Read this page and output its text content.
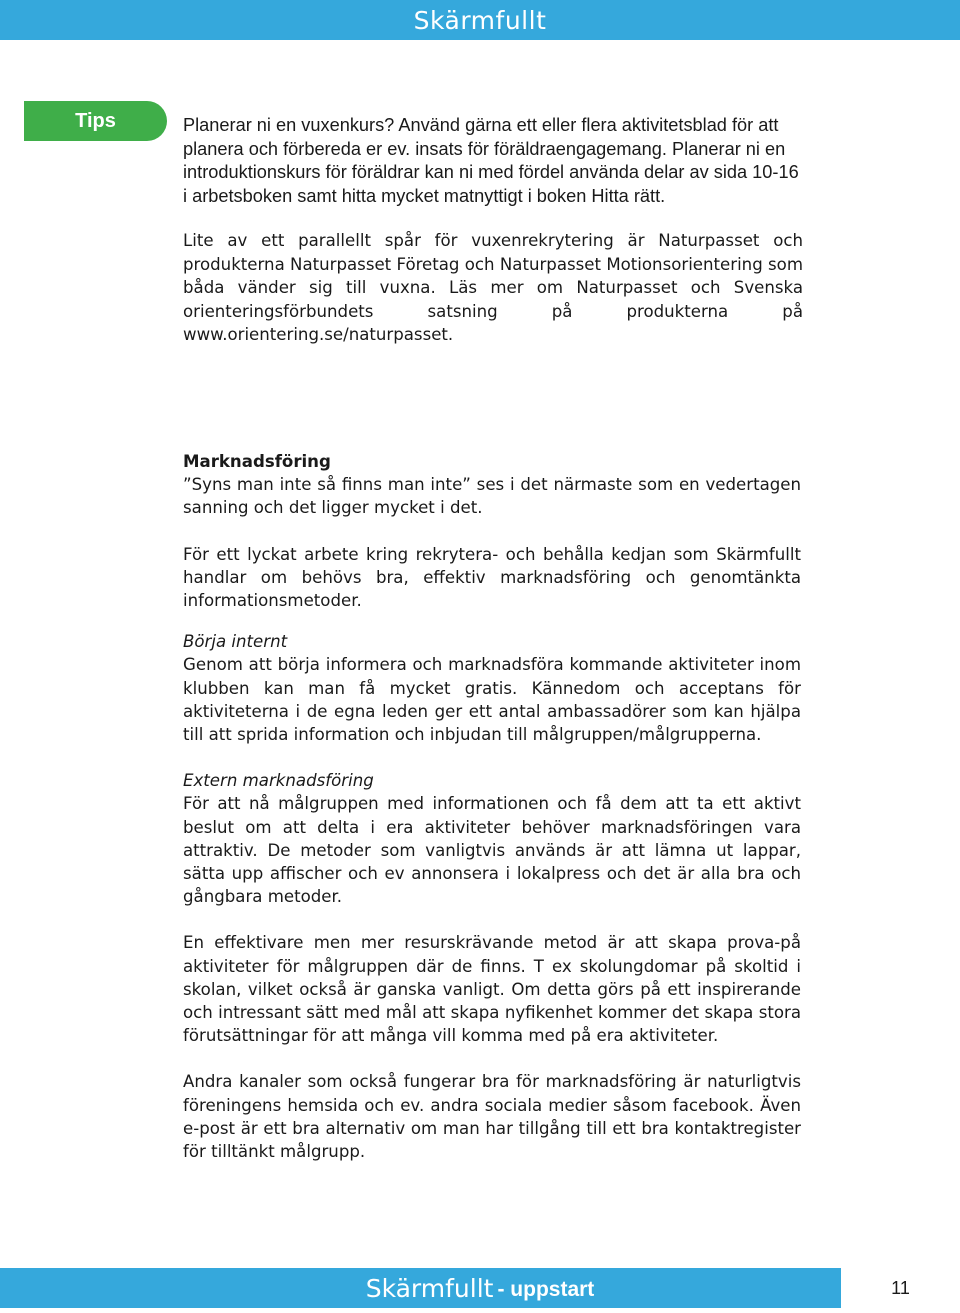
Skärmfullt
Tips	Planerar ni en vuxenkurs? Använd gärna ett eller flera aktivitetsblad för att planera och förbereda er ev. insats för föräldraengagemang. Planerar ni en introduktionskurs för föräldrar kan ni med fördel använda delar av sida 10-16 i arbetsboken samt hitta mycket matnyttigt i boken Hitta rätt.

Lite av ett parallellt spår för vuxenrekrytering är Naturpasset och produkterna Naturpasset Företag och Naturpasset Motionsorientering som båda vänder sig till vuxna. Läs mer om Naturpasset och Svenska orienteringsförbundets satsning på produkterna på www.orientering.se/naturpasset.

Marknadsföring

”Syns man inte så finns man inte” ses i det närmaste som en vedertagen sanning och det ligger mycket i det.

För ett lyckat arbete kring rekrytera- och behålla kedjan som Skärmfullt handlar om behövs bra, effektiv marknadsföring och genomtänkta informationsmetoder.

Börja internt

Genom att börja informera och marknadsföra kommande aktiviteter inom klubben kan man få mycket gratis. Kännedom och acceptans för aktiviteterna i de egna leden ger ett antal ambassadörer som kan hjälpa till att sprida information och inbjudan till målgruppen/målgrupperna.

Extern marknadsföring

För att nå målgruppen med informationen och få dem att ta ett aktivt beslut om att delta i era aktiviteter behöver marknadsföringen vara attraktiv. De metoder som vanligtvis används är att lämna ut lappar, sätta upp affischer och ev annonsera i lokalpress och det är alla bra och gångbara metoder.

En effektivare men mer resurskrävande metod är att skapa prova-på aktiviteter för målgruppen där de finns. T ex skolungdomar på skoltid i skolan, vilket också är ganska vanligt. Om detta görs på ett inspirerande och intressant sätt med mål att skapa nyfikenhet kommer det skapa stora förutsättningar för att många vill komma med på era aktiviteter.

Andra kanaler som också fungerar bra för marknadsföring är naturligtvis föreningens hemsida och ev. andra sociala medier såsom facebook. Även e-post är ett bra alternativ om man har tillgång till ett bra kontaktregister för tilltänkt målgrupp.

Skärmfullt - uppstart	11
